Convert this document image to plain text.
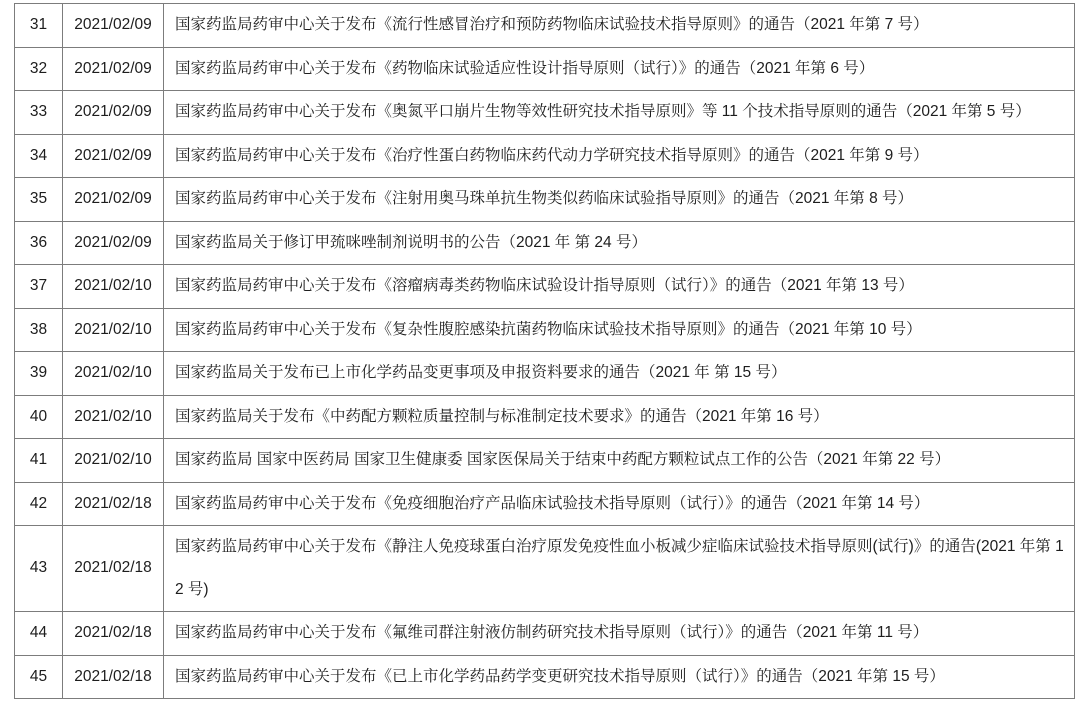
31	2021/02/09	国家药监局药审中心关于发布《流行性感冒治疗和预防药物临床试验技术指导原则》的通告（2021 年第 7 号）
32	2021/02/09	国家药监局药审中心关于发布《药物临床试验适应性设计指导原则（试行）》的通告（2021 年第 6 号）
33	2021/02/09	国家药监局药审中心关于发布《奥氮平口崩片生物等效性研究技术指导原则》等 11 个技术指导原则的通告（2021 年第 5 号）
34	2021/02/09	国家药监局药审中心关于发布《治疗性蛋白药物临床药代动力学研究技术指导原则》的通告（2021 年第 9 号）
35	2021/02/09	国家药监局药审中心关于发布《注射用奥马珠单抗生物类似药临床试验指导原则》的通告（2021 年第 8 号）
36	2021/02/09	国家药监局关于修订甲巯咪唑制剂说明书的公告（2021 年 第 24 号）
37	2021/02/10	国家药监局药审中心关于发布《溶瘤病毒类药物临床试验设计指导原则（试行）》的通告（2021 年第 13 号）
38	2021/02/10	国家药监局药审中心关于发布《复杂性腹腔感染抗菌药物临床试验技术指导原则》的通告（2021 年第 10 号）
39	2021/02/10	国家药监局关于发布已上市化学药品变更事项及申报资料要求的通告（2021 年 第 15 号）
40	2021/02/10	国家药监局关于发布《中药配方颗粒质量控制与标准制定技术要求》的通告（2021 年第 16 号）
41	2021/02/10	国家药监局 国家中医药局 国家卫生健康委 国家医保局关于结束中药配方颗粒试点工作的公告（2021 年第 22 号）
42	2021/02/18	国家药监局药审中心关于发布《免疫细胞治疗产品临床试验技术指导原则（试行）》的通告（2021 年第 14 号）
43	2021/02/18	国家药监局药审中心关于发布《静注人免疫球蛋白治疗原发免疫性血小板减少症临床试验技术指导原则(试行)》的通告(2021 年第 12 号)
44	2021/02/18	国家药监局药审中心关于发布《氟维司群注射液仿制药研究技术指导原则（试行）》的通告（2021 年第 11 号）
45	2021/02/18	国家药监局药审中心关于发布《已上市化学药品药学变更研究技术指导原则（试行）》的通告（2021 年第 15 号）
